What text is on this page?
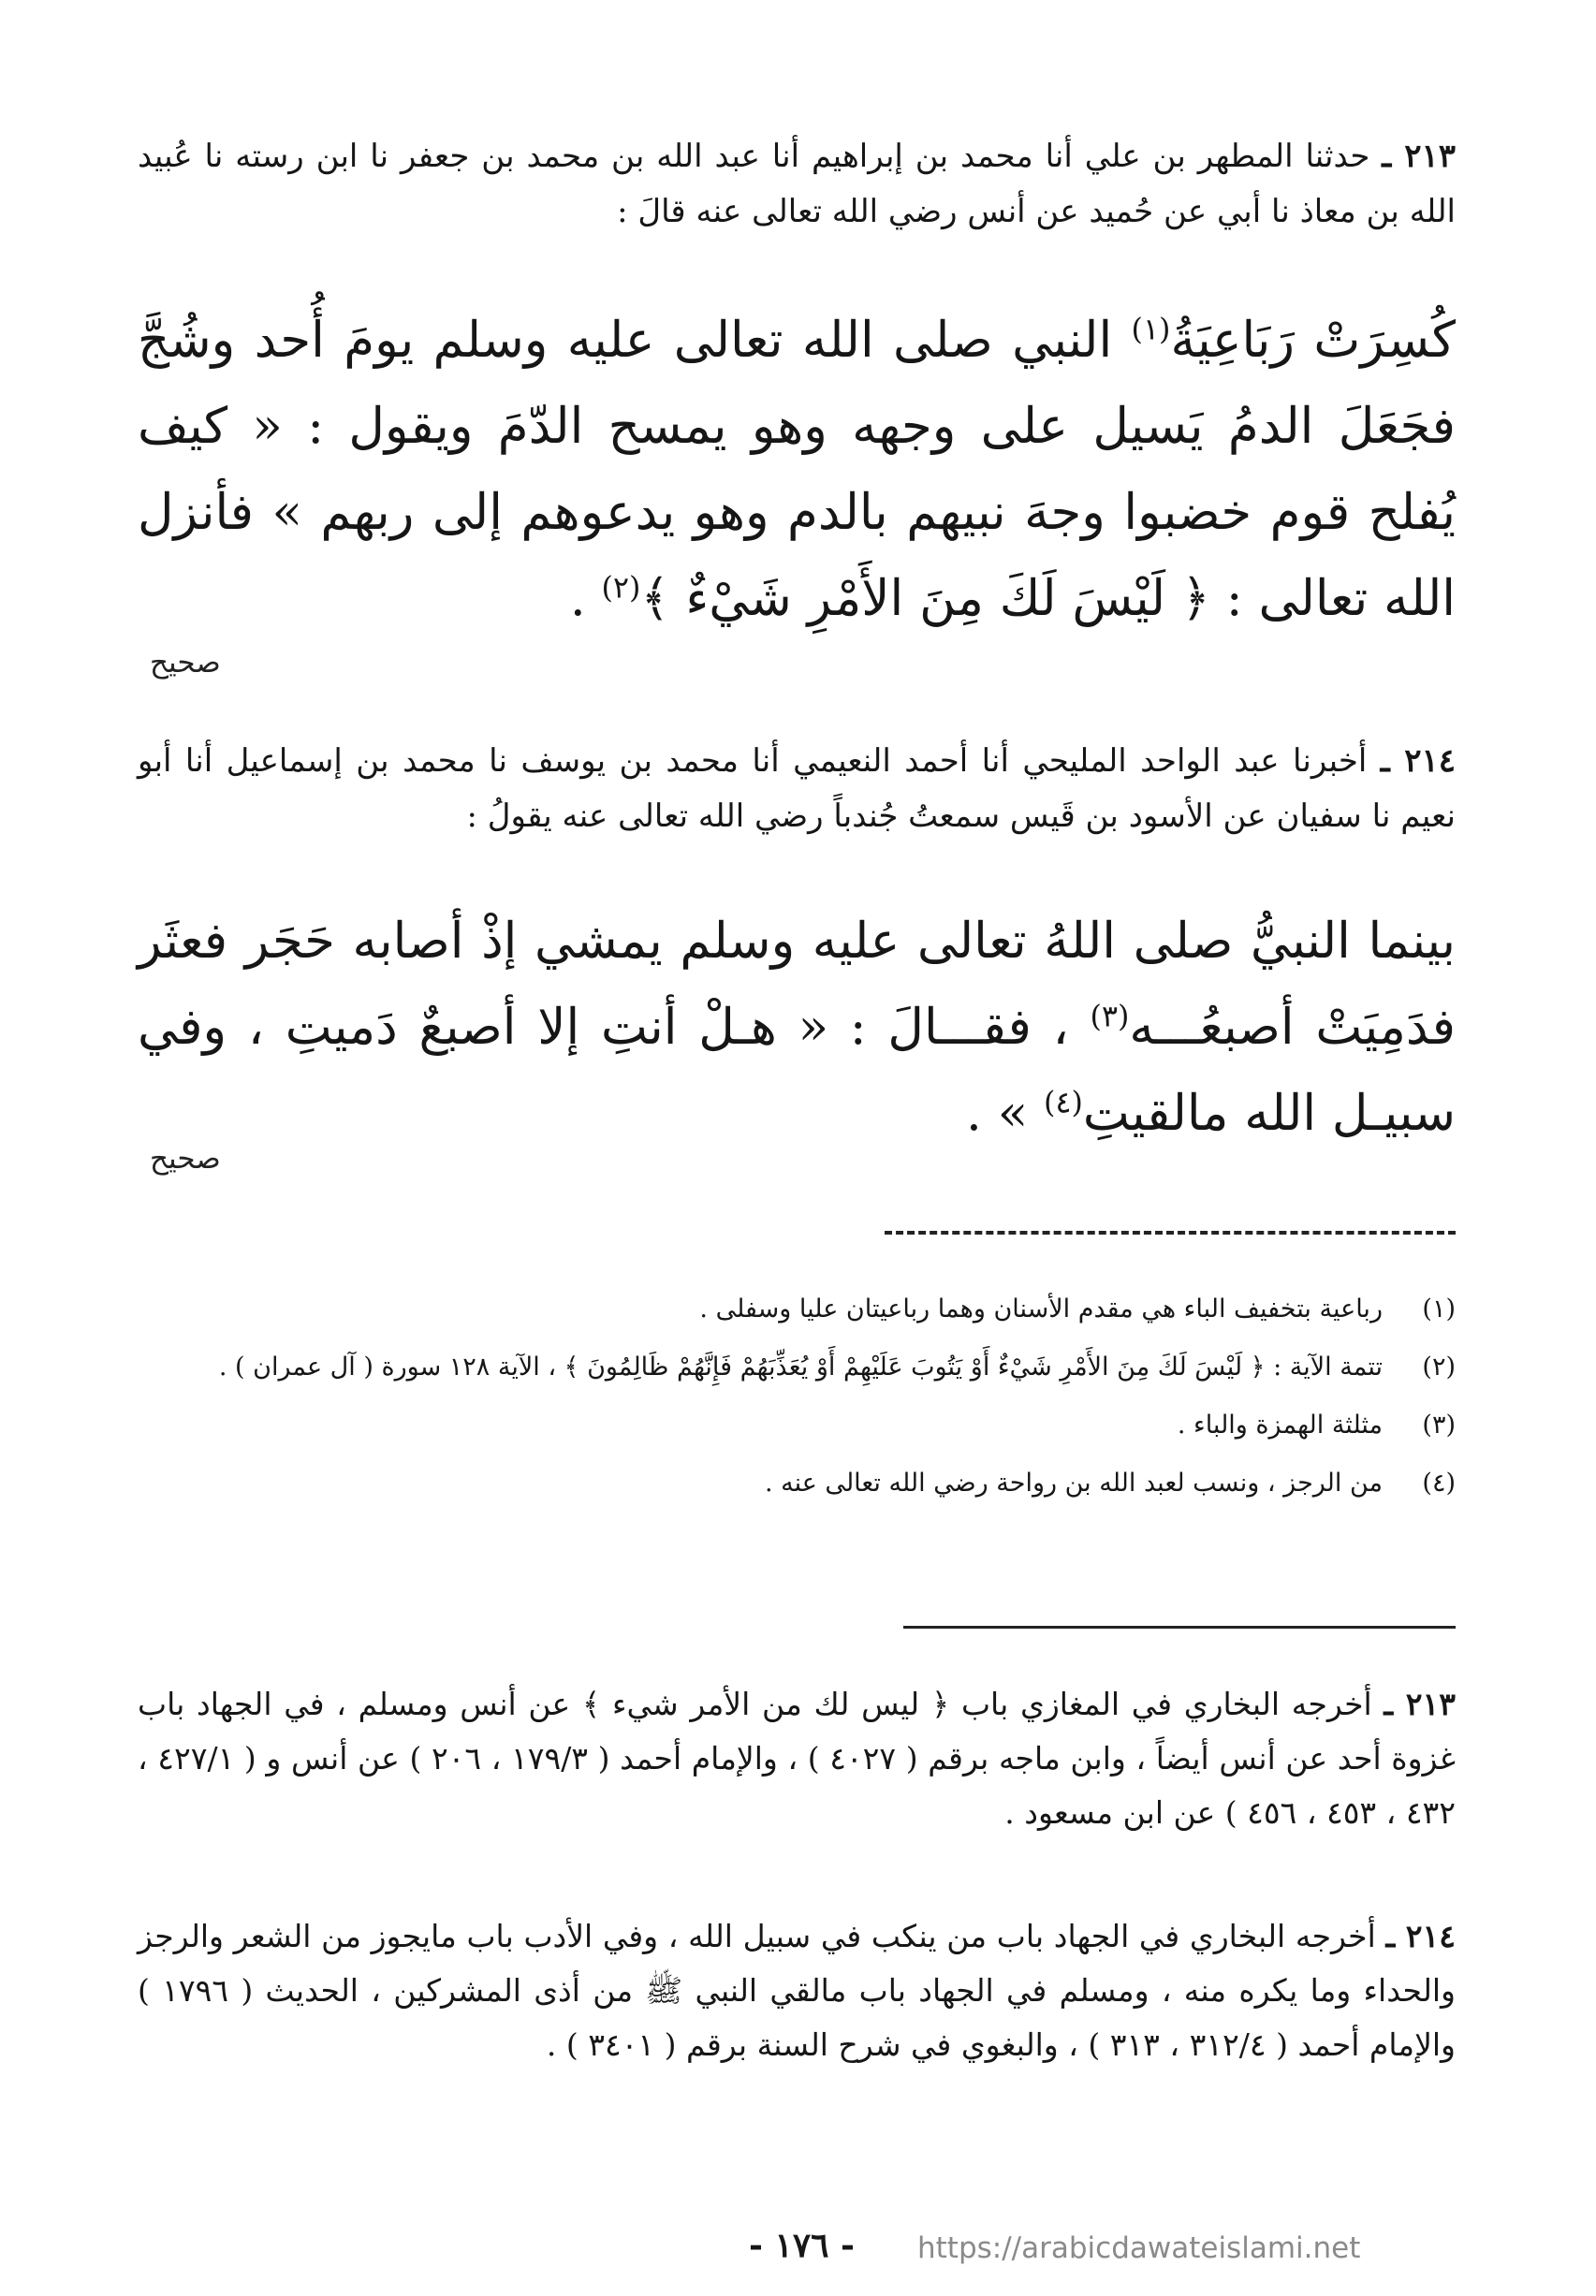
٢١٣ ـ حدثنا المطهر بن علي أنا محمد بن إبراهيم أنا عبد الله بن محمد بن جعفر نا ابن رسته نا عُبيد الله بن معاذ نا أبي عن حُميد عن أنس رضي الله تعالى عنه قالَ :
كُسِرَتْ رَبَاعِيَةُ$^{(١)}$ النبي صلى الله تعالى عليه وسلم يومَ أُحد وشُجَّ فجَعَلَ الدمُ يَسيل على وجهه وهو يمسح الدّمَ ويقول : « كيف يُفلح قوم خضبوا وجهَ نبيهم بالدم وهو يدعوهم إلى ربهم » فأنزل الله تعالى : ﴿ لَيْسَ لَكَ مِنَ الأَمْرِ شَيْءٌ ﴾$^{(٢)}$ .
صحيح
٢١٤ ـ أخبرنا عبد الواحد المليحي أنا أحمد النعيمي أنا محمد بن يوسف نا محمد بن إسماعيل أنا أبو نعيم نا سفيان عن الأسود بن قَيس سمعتُ جُندباً رضي الله تعالى عنه يقولُ :
بينما النبيُّ صلى اللهُ تعالى عليه وسلم يمشي إذْ أصابه حَجَر فعثَر فدَمِيَتْ أصبعُـــه$^{(٣)}$ ، فقـــالَ : « هـلْ أنتِ إلا أصبعٌ دَميتِ ، وفي سبيـل الله مالقيتِ$^{(٤)}$ » .
صحيح
(١)
رباعية بتخفيف الباء هي مقدم الأسنان وهما رباعيتان عليا وسفلى .
(٢)
تتمة الآية : ﴿ لَيْسَ لَكَ مِنَ الأَمْرِ شَيْءٌ أَوْ يَتُوبَ عَلَيْهِمْ أَوْ يُعَذِّبَهُمْ فَإِنَّهُمْ ظَالِمُونَ ﴾ ، الآية ١٢٨ سورة ( آل عمران ) .
(٣)
مثلثة الهمزة والباء .
(٤)
من الرجز ، ونسب لعبد الله بن رواحة رضي الله تعالى عنه .
٢١٣ ـ أخرجه البخاري في المغازي باب ﴿ ليس لك من الأمر شيء ﴾ عن أنس ومسلم ، في الجهاد باب غزوة أحد عن أنس أيضاً ، وابن ماجه برقم ( ٤٠٢٧ ) ، والإمام أحمد ( ١٧٩/٣ ، ٢٠٦ ) عن أنس و ( ٤٢٧/١ ، ٤٣٢ ، ٤٥٣ ، ٤٥٦ ) عن ابن مسعود .
٢١٤ ـ أخرجه البخاري في الجهاد باب من ينكب في سبيل الله ، وفي الأدب باب مايجوز من الشعر والرجز والحداء وما يكره منه ، ومسلم في الجهاد باب مالقي النبي ﷺ من أذى المشركين ، الحديث ( ١٧٩٦ ) والإمام أحمد ( ٣١٢/٤ ، ٣١٣ ) ، والبغوي في شرح السنة برقم ( ٣٤٠١ ) .
- ١٧٦ - https://arabicdawateislami.net
